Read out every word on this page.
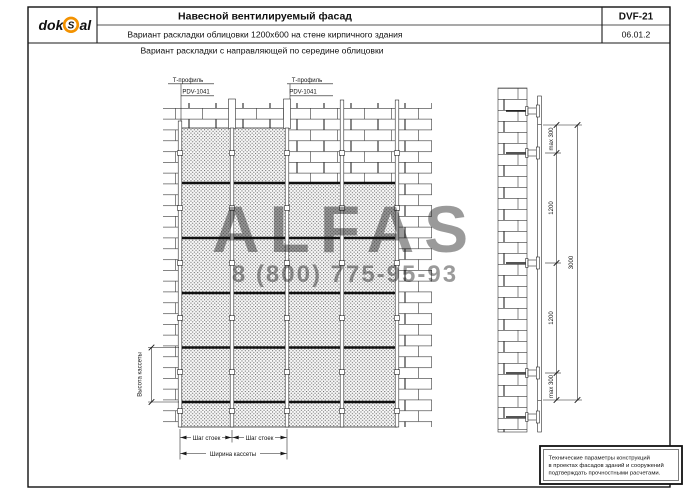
dok S al
Навесной вентилируемый фасад	DVF-21
Вариант раскладки облицовки 1200x600 на стене кирпичного здания	06.01.2
Вариант раскладки с направляющей по середине облицовки
Т-профиль
PDV-1041
Т-профиль
PDV-1041
Высота кассеты
Шаг стоек	Шаг стоек
Ширина кассеты
max 300
1200
1200
max 300
3000
ALFAS
8 (800) 775-95-93
Технические параметры конструкций
в проектах фасадов зданий и сооружений
подтверждать прочностными расчетами.
